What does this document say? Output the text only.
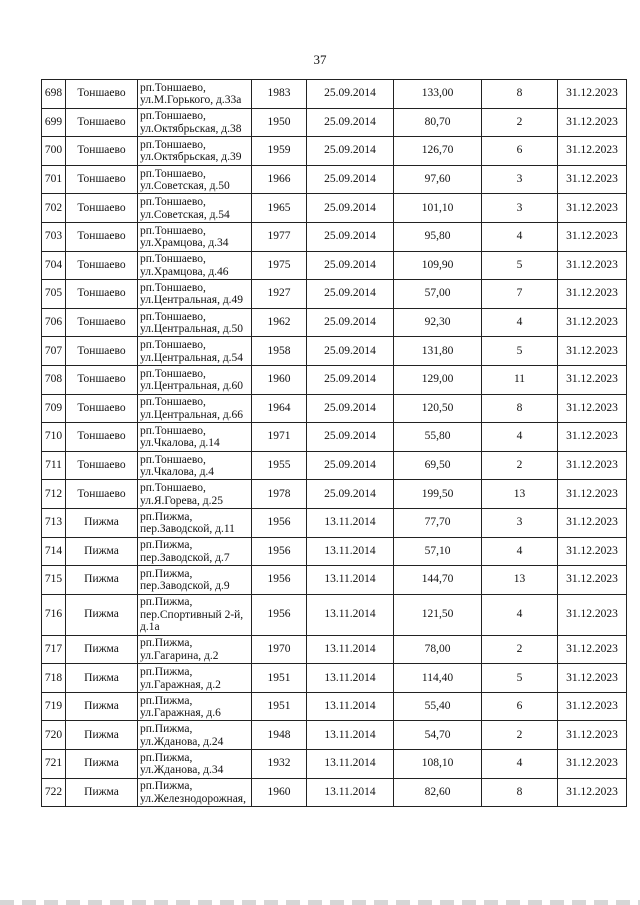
37
698	Тоншаево	рп.Тоншаево,
ул.М.Горького, д.33а	1983	25.09.2014	133,00	8	31.12.2023
699	Тоншаево	рп.Тоншаево,
ул.Октябрьская, д.38	1950	25.09.2014	80,70	2	31.12.2023
700	Тоншаево	рп.Тоншаево,
ул.Октябрьская, д.39	1959	25.09.2014	126,70	6	31.12.2023
701	Тоншаево	рп.Тоншаево,
ул.Советская, д.50	1966	25.09.2014	97,60	3	31.12.2023
702	Тоншаево	рп.Тоншаево,
ул.Советская, д.54	1965	25.09.2014	101,10	3	31.12.2023
703	Тоншаево	рп.Тоншаево,
ул.Храмцова, д.34	1977	25.09.2014	95,80	4	31.12.2023
704	Тоншаево	рп.Тоншаево,
ул.Храмцова, д.46	1975	25.09.2014	109,90	5	31.12.2023
705	Тоншаево	рп.Тоншаево,
ул.Центральная, д.49	1927	25.09.2014	57,00	7	31.12.2023
706	Тоншаево	рп.Тоншаево,
ул.Центральная, д.50	1962	25.09.2014	92,30	4	31.12.2023
707	Тоншаево	рп.Тоншаево,
ул.Центральная, д.54	1958	25.09.2014	131,80	5	31.12.2023
708	Тоншаево	рп.Тоншаево,
ул.Центральная, д.60	1960	25.09.2014	129,00	11	31.12.2023
709	Тоншаево	рп.Тоншаево,
ул.Центральная, д.66	1964	25.09.2014	120,50	8	31.12.2023
710	Тоншаево	рп.Тоншаево,
ул.Чкалова, д.14	1971	25.09.2014	55,80	4	31.12.2023
711	Тоншаево	рп.Тоншаево,
ул.Чкалова, д.4	1955	25.09.2014	69,50	2	31.12.2023
712	Тоншаево	рп.Тоншаево,
ул.Я.Горева, д.25	1978	25.09.2014	199,50	13	31.12.2023
713	Пижма	рп.Пижма,
пер.Заводской, д.11	1956	13.11.2014	77,70	3	31.12.2023
714	Пижма	рп.Пижма,
пер.Заводской, д.7	1956	13.11.2014	57,10	4	31.12.2023
715	Пижма	рп.Пижма,
пер.Заводской, д.9	1956	13.11.2014	144,70	13	31.12.2023
716	Пижма	рп.Пижма,
пер.Спортивный 2-й,
д.1а	1956	13.11.2014	121,50	4	31.12.2023
717	Пижма	рп.Пижма,
ул.Гагарина, д.2	1970	13.11.2014	78,00	2	31.12.2023
718	Пижма	рп.Пижма,
ул.Гаражная, д.2	1951	13.11.2014	114,40	5	31.12.2023
719	Пижма	рп.Пижма,
ул.Гаражная, д.6	1951	13.11.2014	55,40	6	31.12.2023
720	Пижма	рп.Пижма,
ул.Жданова, д.24	1948	13.11.2014	54,70	2	31.12.2023
721	Пижма	рп.Пижма,
ул.Жданова, д.34	1932	13.11.2014	108,10	4	31.12.2023
722	Пижма	рп.Пижма,
ул.Железнодорожная,	1960	13.11.2014	82,60	8	31.12.2023
